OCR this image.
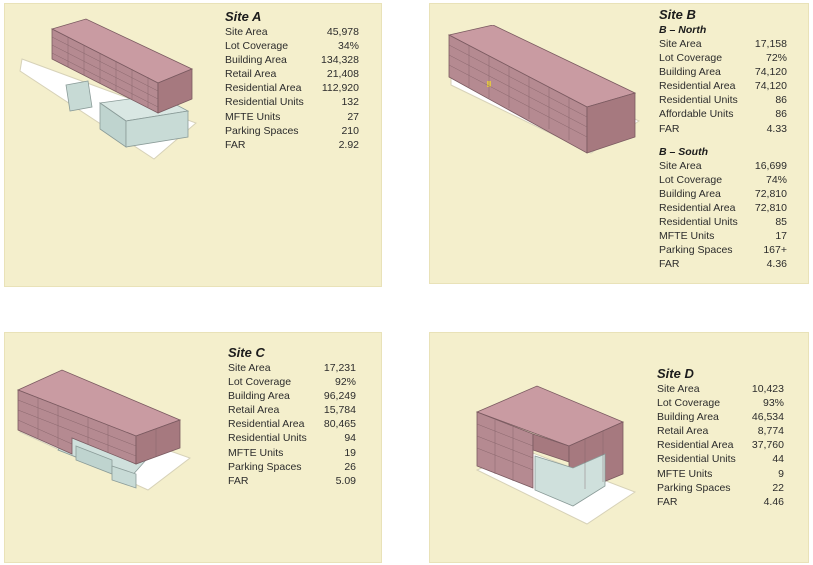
Site A
Site Area	45,978
Lot Coverage	34%
Building Area	134,328
Retail Area	21,408
Residential Area 112,920
Residential Units	132
MFTE Units	27
Parking Spaces	210
FAR	2.92
Site B
B – North
Site Area	17,158
Lot Coverage	72%
Building Area	74,120
Residential Area 74,120
Residential Units	86
Affordable Units	86
FAR	4.33
B – South
Site Area	16,699
Lot Coverage	74%
Building Area	72,810
Residential Area 72,810
Residential Units	85
MFTE Units	17
Parking Spaces	167+
FAR	4.36
Site C
Site Area	17,231
Lot Coverage	92%
Building Area	96,249
Retail Area	15,784
Residential Area 80,465
Residential Units	94
MFTE Units	19
Parking Spaces	26
FAR	5.09
Site D
Site Area	10,423
Lot Coverage	93%
Building Area	46,534
Retail Area	8,774
Residential Area 37,760
Residential Units	44
MFTE Units	9
Parking Spaces	22
FAR	4.46
